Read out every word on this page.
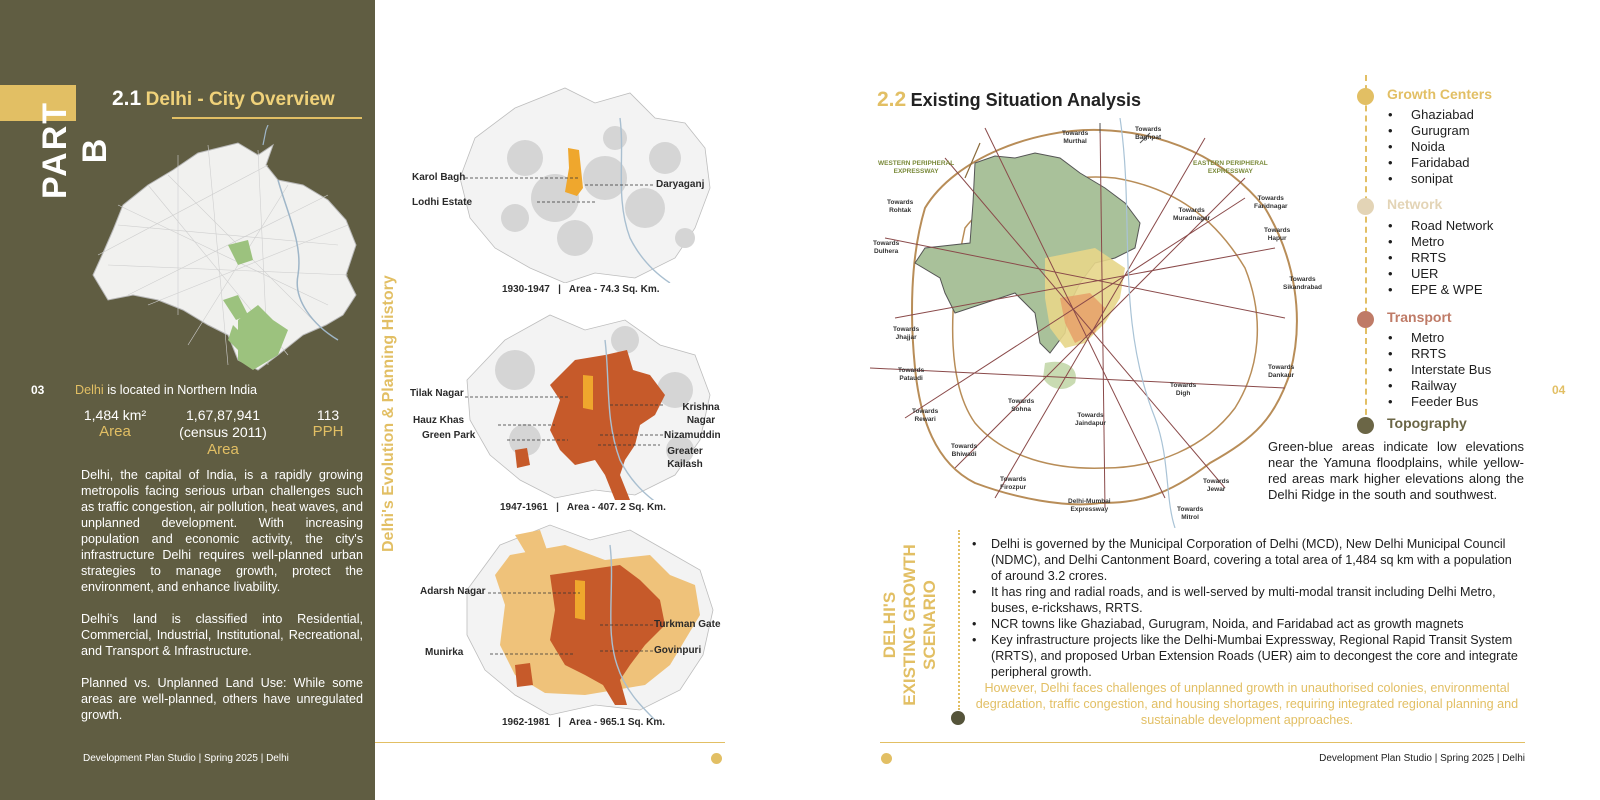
PART B
2.1 Delhi - City Overview
03 Delhi is located in Northern India
1,484 km²
Area
1,67,87,941
(census 2011)
Area
113
PPH
Delhi, the capital of India, is a rapidly growing metropolis facing serious urban challenges such as traffic congestion, air pollution, heat waves, and unplanned development. With increasing population and economic activity, the city's infrastructure Delhi requires well-planned urban strategies to manage growth, protect the environment, and enhance livability.
Delhi's land is classified into Residential, Commercial, Industrial, Institutional, Recreational, and Transport & Infrastructure.
Planned vs. Unplanned Land Use: While some areas are well-planned, others have unregulated growth.
Development Plan Studio | Spring 2025 | Delhi
Delhi's Evolution & Planning History
Karol Bagh
Lodhi Estate
Daryaganj
1930-1947   |   Area - 74.3 Sq. Km.
Tilak Nagar
Hauz Khas
Green Park
Krishna Nagar
Nizamuddin
Greater Kailash
1947-1961   |   Area - 407. 2 Sq. Km.
Adarsh Nagar
Munirka
Turkman Gate
Govinpuri
1962-1981   |   Area - 965.1 Sq. Km.
2.2 Existing Situation Analysis
WESTERN PERIPHERAL
EXPRESSWAY
EASTERN PERIPHERAL
EXPRESSWAY
Towards
Murthal
Towards
Baghpat
Towards
Rohtak	Towards
Muradnagar
Towards
Faridnagar
Towards
Dulhera
Towards
Hapur
Towards
Sikandrabad
Towards
Jhajjar
Towards
Pataudi
Towards
Dankaur
Towards
Rewari
Towards
Sohna
Towards
Digh
Towards
Jaindapur
Towards
Bhiwadi
Towards
Firozpur
Delhi-Mumbai
Expressway
Towards
Jewar
Towards
Mitrol
Growth Centers
• Ghaziabad
• Gurugram
• Noida
• Faridabad
• sonipat
Network
• Road Network
• Metro
• RRTS
• UER
• EPE & WPE
Transport
• Metro
• RRTS
• Interstate Bus
• Railway
• Feeder Bus
Topography
Green-blue areas indicate low elevations near the Yamuna floodplains, while yellow-red areas mark higher elevations along the Delhi Ridge in the south and southwest.
04
DELHI'S
EXISTING GROWTH
SCENARIO
• Delhi is governed by the Municipal Corporation of Delhi (MCD), New Delhi Municipal Council (NDMC), and Delhi Cantonment Board, covering a total area of 1,484 sq km with a population of around 3.2 crores.
• It has ring and radial roads, and is well-served by multi-modal transit including Delhi Metro, buses, e-rickshaws, RRTS.
• NCR towns like Ghaziabad, Gurugram, Noida, and Faridabad act as growth magnets
• Key infrastructure projects like the Delhi-Mumbai Expressway, Regional Rapid Transit System (RRTS), and proposed Urban Extension Roads (UER) aim to decongest the core and integrate peripheral growth.
However, Delhi faces challenges of unplanned growth in unauthorised colonies, environmental degradation, traffic congestion, and housing shortages, requiring integrated regional planning and sustainable development approaches.
Development Plan Studio | Spring 2025 | Delhi
